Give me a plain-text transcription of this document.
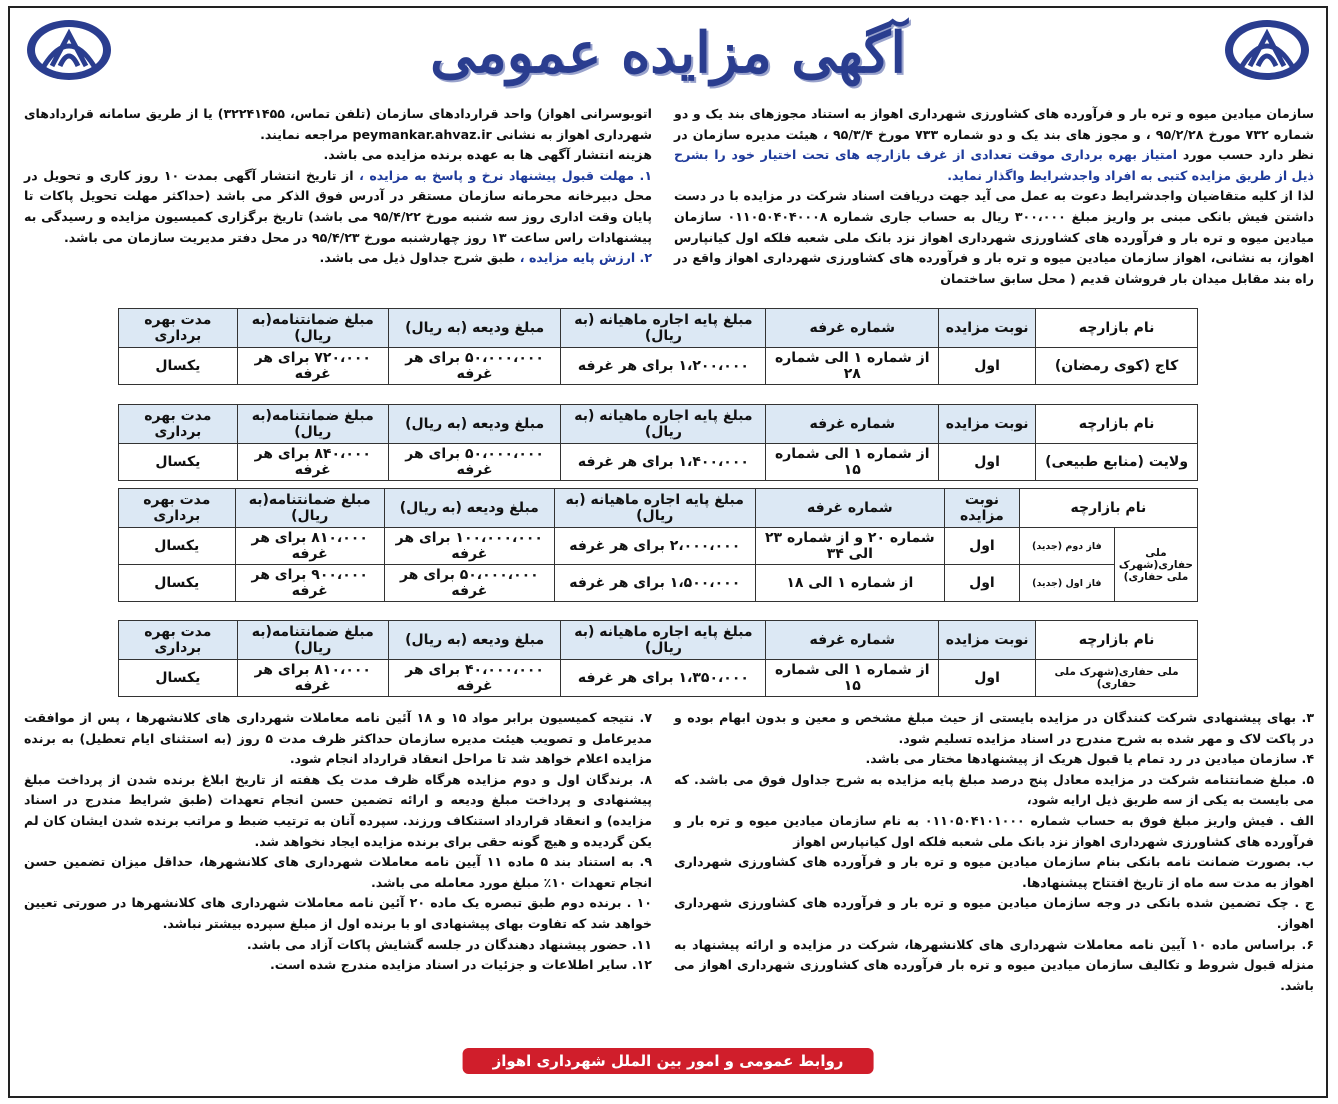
آگهی مزایده عمومی

سازمان میادین میوه و تره بار و فرآورده های کشاورزی شهرداری اهواز به استناد مجوزهای بند یک و دو شماره ۷۳۲ مورخ ۹۵/۲/۲۸ ، و مجوز های بند یک و دو شماره ۷۳۳ مورخ ۹۵/۳/۴ ، هیئت مدیره سازمان در نظر دارد حسب مورد امتیاز بهره برداری موقت تعدادی از غرف بازارچه های تحت اختیار خود را بشرح ذیل از طریق مزایده کتبی به افراد واجدشرایط واگذار نماید.

لذا از کلیه متقاضیان واجدشرایط دعوت به عمل می آید جهت دریافت اسناد شرکت در مزایده با در دست داشتن فیش بانکی مبنی بر واریز مبلغ ۳۰۰،۰۰۰ ریال به حساب جاری شماره ۰۱۱۰۵۰۴۰۴۰۰۰۸ سازمان میادین میوه و تره بار و فرآورده های کشاورزی شهرداری اهواز نزد بانک ملی شعبه فلکه اول کیانپارس اهواز، به نشانی، اهواز سازمان میادین میوه و تره بار و فرآورده های کشاورزی شهرداری اهواز واقع در راه بند مقابل میدان بار فروشان قدیم ( محل سابق ساختمان

اتوبوسرانی اهواز) واحد قراردادهای سازمان (تلفن تماس، ۳۲۲۴۱۴۵۵) یا از طریق سامانه قراردادهای شهرداری اهواز به نشانی peymankar.ahvaz.ir مراجعه نمایند.

هزینه انتشار آگهی ها به عهده برنده مزایده می باشد.

۱. مهلت قبول پیشنهاد نرخ و پاسخ به مزایده ، از تاریخ انتشار آگهی بمدت ۱۰ روز کاری و تحویل در محل دبیرخانه محرمانه سازمان مستقر در آدرس فوق الذکر می باشد (حداکثر مهلت تحویل پاکات تا پایان وقت اداری روز سه شنبه مورخ ۹۵/۴/۲۲ می باشد) تاریخ برگزاری کمیسیون مزایده و رسیدگی به پیشنهادات راس ساعت ۱۳ روز چهارشنبه مورخ ۹۵/۴/۲۳ در محل دفتر مدیریت سازمان می باشد.

۲. ارزش پایه مزایده ، طبق شرح جداول ذیل می باشد.

نام بازارچه	نوبت مزایده	شماره غرفه	مبلغ پایه اجاره ماهیانه (به ریال)	مبلغ ودیعه (به ریال)	مبلغ ضمانتنامه(به ریال)	مدت بهره برداری
کاج (کوی رمضان)	اول	از شماره ۱ الی شماره ۲۸	۱،۲۰۰،۰۰۰ برای هر غرفه	۵۰،۰۰۰،۰۰۰ برای هر غرفه	۷۲۰،۰۰۰ برای هر غرفه	یکسال
نام بازارچه	نوبت مزایده	شماره غرفه	مبلغ پایه اجاره ماهیانه (به ریال)	مبلغ ودیعه (به ریال)	مبلغ ضمانتنامه(به ریال)	مدت بهره برداری
ولایت (منابع طبیعی)	اول	از شماره ۱ الی شماره ۱۵	۱،۴۰۰،۰۰۰ برای هر غرفه	۵۰،۰۰۰،۰۰۰ برای هر غرفه	۸۴۰،۰۰۰ برای هر غرفه	یکسال
نام بازارچه		نوبت مزایده	شماره غرفه	مبلغ پایه اجاره ماهیانه (به ریال)	مبلغ ودیعه (به ریال)	مبلغ ضمانتنامه(به ریال)	مدت بهره برداری
ملی حفاری(شهرک ملی حفاری)	فاز دوم (جدید)	اول	شماره ۲۰ و از شماره ۲۳ الی ۳۴	۲،۰۰۰،۰۰۰ برای هر غرفه	۱۰۰،۰۰۰،۰۰۰ برای هر غرفه	۸۱۰،۰۰۰ برای هر غرفه	یکسال
	فاز اول (جدید)	اول	از شماره ۱ الی ۱۸	۱،۵۰۰،۰۰۰ برای هر غرفه	۵۰،۰۰۰،۰۰۰ برای هر غرفه	۹۰۰،۰۰۰ برای هر غرفه	یکسال
نام بازارچه	نوبت مزایده	شماره غرفه	مبلغ پایه اجاره ماهیانه (به ریال)	مبلغ ودیعه (به ریال)	مبلغ ضمانتنامه(به ریال)	مدت بهره برداری
ملی حفاری(شهرک ملی حفاری)	اول	از شماره ۱ الی شماره ۱۵	۱،۳۵۰،۰۰۰ برای هر غرفه	۴۰،۰۰۰،۰۰۰ برای هر غرفه	۸۱۰،۰۰۰ برای هر غرفه	یکسال

۳. بهای پیشنهادی شرکت کنندگان در مزایده بایستی از حیث مبلغ مشخص و معین و بدون ابهام بوده و در پاکت لاک و مهر شده به شرح مندرج در اسناد مزایده تسلیم شود.

۴. سازمان میادین در رد تمام یا قبول هریک از پیشنهادها مختار می باشد.

۵. مبلغ ضمانتنامه شرکت در مزایده معادل پنج درصد مبلغ پایه مزایده به شرح جداول فوق می باشد. که می بایست به یکی از سه طریق ذیل ارایه شود،

الف . فیش واریز مبلغ فوق به حساب شماره ۰۱۱۰۵۰۴۱۰۱۰۰۰ به نام سازمان میادین میوه و تره بار و فرآورده های کشاورزی شهرداری اهواز نزد بانک ملی شعبه فلکه اول کیانپارس اهواز

ب. بصورت ضمانت نامه بانکی بنام سازمان میادین میوه و تره بار و فرآورده های کشاورزی شهرداری اهواز به مدت سه ماه از تاریخ افتتاح پیشنهادها.

ج . چک تضمین شده بانکی در وجه سازمان میادین میوه و تره بار و فرآورده های کشاورزی شهرداری اهواز.

۶. براساس ماده ۱۰ آیین نامه معاملات شهرداری های کلانشهرها، شرکت در مزایده و ارائه پیشنهاد به منزله قبول شروط و تکالیف سازمان میادین میوه و تره بار فرآورده های کشاورزی شهرداری اهواز می باشد.

۷. نتیجه کمیسیون برابر مواد ۱۵ و ۱۸ آئین نامه معاملات شهرداری های کلانشهرها ، پس از موافقت مدیرعامل و تصویب هیئت مدیره سازمان حداکثر ظرف مدت ۵ روز (به استثنای ایام تعطیل) به برنده مزایده اعلام خواهد شد تا مراحل انعقاد قرارداد انجام شود.

۸. برندگان اول و دوم مزایده هرگاه ظرف مدت یک هفته از تاریخ ابلاغ برنده شدن از پرداخت مبلغ پیشنهادی و پرداخت مبلغ ودیعه و ارائه تضمین حسن انجام تعهدات (طبق شرایط مندرج در اسناد مزایده) و انعقاد قرارداد استنکاف ورزند. سپرده آنان به ترتیب ضبط و مراتب برنده شدن ایشان کان لم یکن گردیده و هیچ گونه حقی برای برنده مزایده ایجاد نخواهد شد.

۹. به استناد بند ۵ ماده ۱۱ آیین نامه معاملات شهرداری های کلانشهرها، حداقل میزان تضمین حسن انجام تعهدات ۱۰٪ مبلغ مورد معامله می باشد.

۱۰ . برنده دوم طبق تبصره یک ماده ۲۰ آئین نامه معاملات شهرداری های کلانشهرها در صورتی تعیین خواهد شد که تفاوت بهای پیشنهادی او با برنده اول از مبلغ سپرده بیشتر نباشد.

۱۱. حضور پیشنهاد دهندگان در جلسه گشایش پاکات آزاد می باشد.

۱۲. سایر اطلاعات و جزئیات در اسناد مزایده مندرج شده است.

روابط عمومی و امور بین الملل شهرداری اهواز
